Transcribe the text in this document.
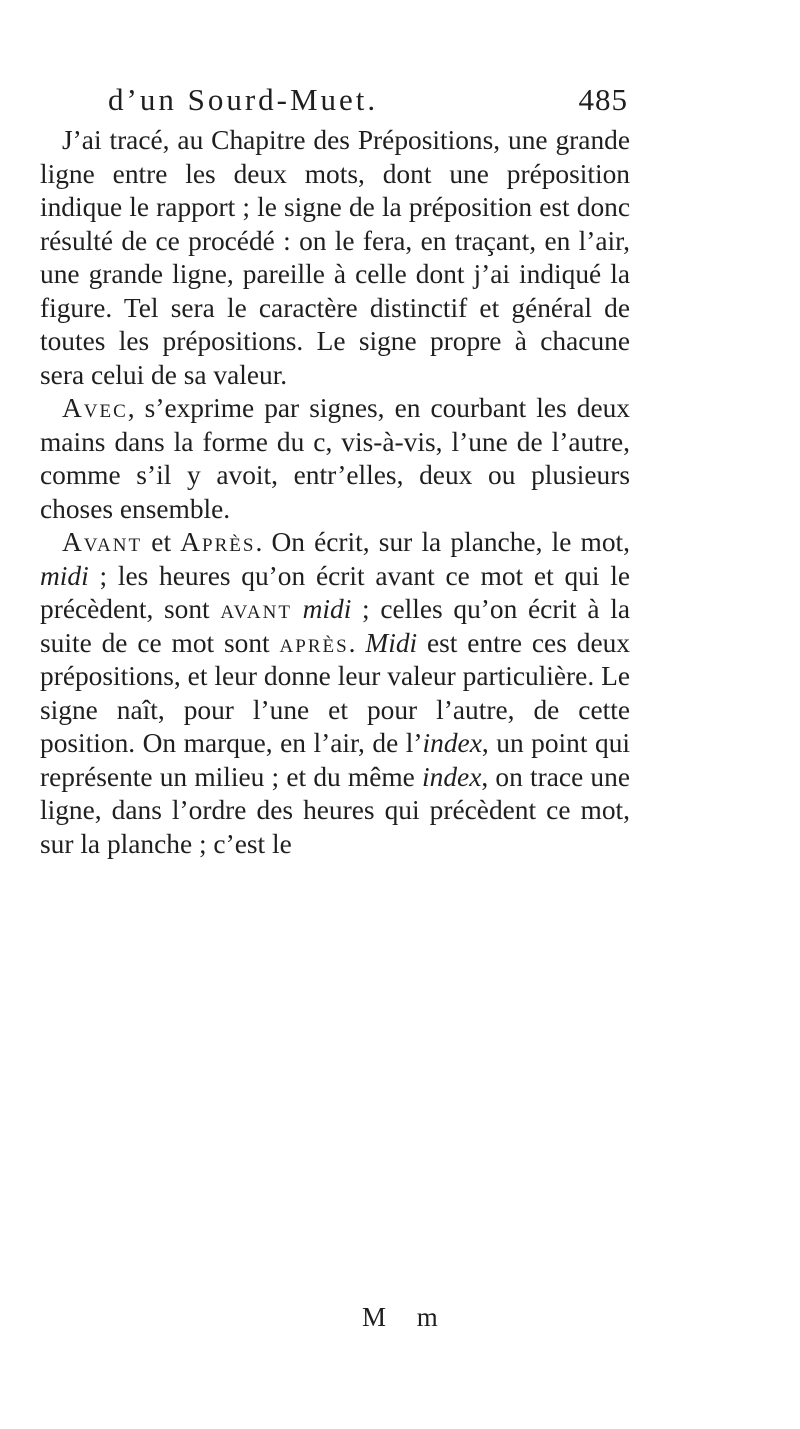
d’un Sourd-Muet.	485

J’ai tracé, au Chapitre des Prépositions, une grande ligne entre les deux mots, dont une préposition indique le rapport ; le signe de la préposition est donc résulté de ce procédé : on le fera, en traçant, en l’air, une grande ligne, pareille à celle dont j’ai indiqué la figure. Tel sera le caractère distinctif et général de toutes les prépositions. Le signe propre à chacune sera celui de sa valeur.

Avec, s’exprime par signes, en courbant les deux mains dans la forme du c, vis-à-vis, l’une de l’autre, comme s’il y avoit, entr’elles, deux ou plusieurs choses ensemble.

Avant et Après. On écrit, sur la planche, le mot, midi ; les heures qu’on écrit avant ce mot et qui le précèdent, sont avant midi ; celles qu’on écrit à la suite de ce mot sont après. Midi est entre ces deux prépositions, et leur donne leur valeur particulière. Le signe naît, pour l’une et pour l’autre, de cette position. On marque, en l’air, de l’index, un point qui représente un milieu ; et du même index, on trace une ligne, dans l’ordre des heures qui précèdent ce mot, sur la planche ; c’est le

M m
